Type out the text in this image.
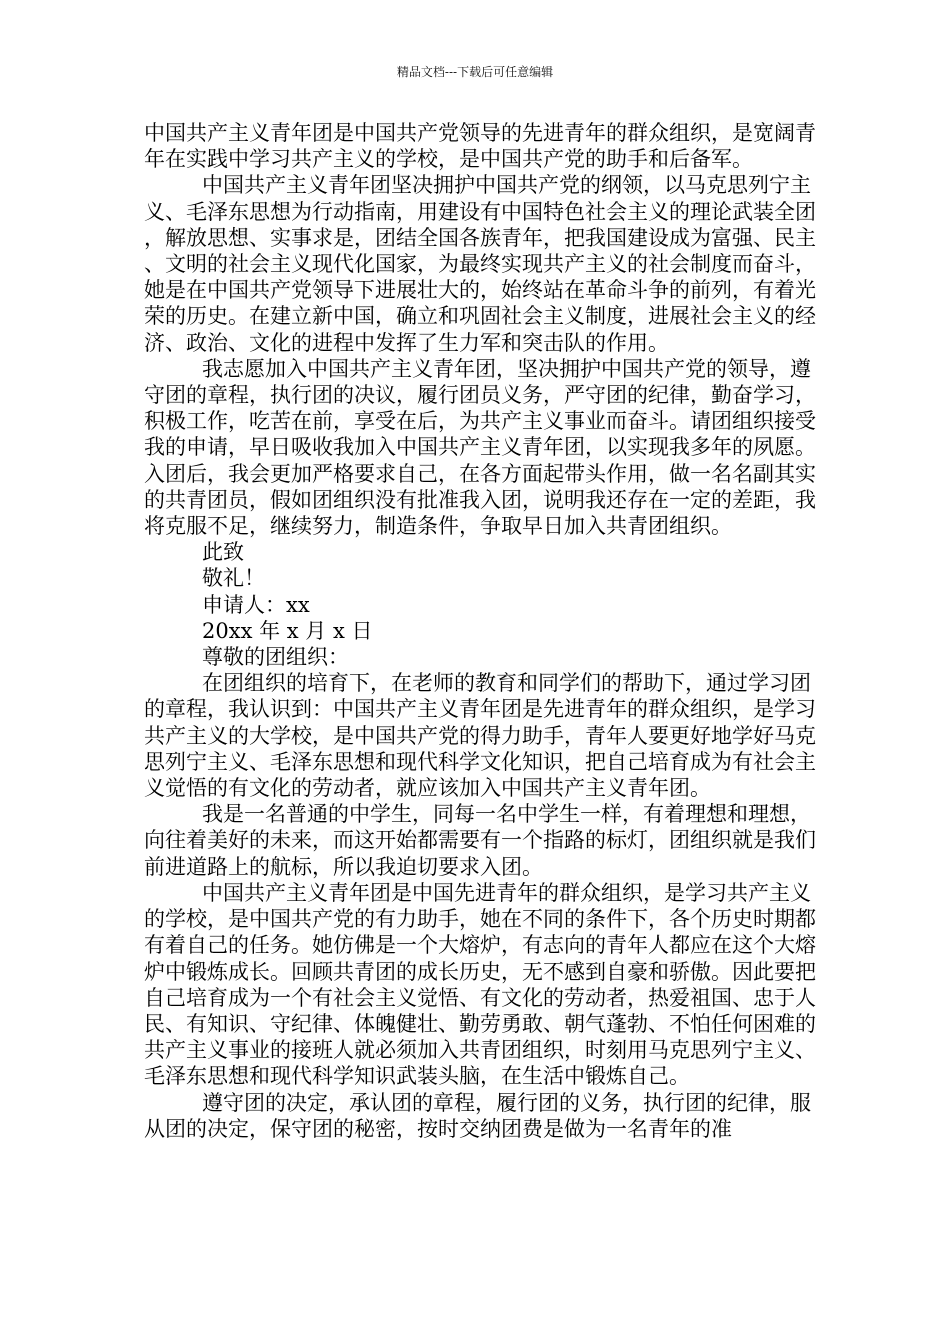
精品文档---下载后可任意编辑

中国共产主义青年团是中国共产党领导的先进青年的群众组织，是宽阔青年在实践中学习共产主义的学校，是中国共产党的助手和后备军。

中国共产主义青年团坚决拥护中国共产党的纲领，以马克思列宁主义、毛泽东思想为行动指南，用建设有中国特色社会主义的理论武装全团，解放思想、实事求是，团结全国各族青年，把我国建设成为富强、民主、文明的社会主义现代化国家，为最终实现共产主义的社会制度而奋斗，她是在中国共产党领导下进展壮大的，始终站在革命斗争的前列，有着光荣的历史。在建立新中国，确立和巩固社会主义制度，进展社会主义的经济、政治、文化的进程中发挥了生力军和突击队的作用。

我志愿加入中国共产主义青年团，坚决拥护中国共产党的领导，遵守团的章程，执行团的决议，履行团员义务，严守团的纪律，勤奋学习，积极工作，吃苦在前，享受在后，为共产主义事业而奋斗。请团组织接受我的申请，早日吸收我加入中国共产主义青年团，以实现我多年的夙愿。入团后，我会更加严格要求自己，在各方面起带头作用，做一名名副其实的共青团员，假如团组织没有批准我入团，说明我还存在一定的差距，我将克服不足，继续努力，制造条件，争取早日加入共青团组织。

此致

敬礼！

申请人：xx

20xx 年 x 月 x 日

尊敬的团组织：

在团组织的培育下，在老师的教育和同学们的帮助下，通过学习团的章程，我认识到：中国共产主义青年团是先进青年的群众组织，是学习共产主义的大学校，是中国共产党的得力助手，青年人要更好地学好马克思列宁主义、毛泽东思想和现代科学文化知识，把自己培育成为有社会主义觉悟的有文化的劳动者，就应该加入中国共产主义青年团。

我是一名普通的中学生，同每一名中学生一样，有着理想和理想，向往着美好的未来，而这开始都需要有一个指路的标灯，团组织就是我们前进道路上的航标，所以我迫切要求入团。

中国共产主义青年团是中国先进青年的群众组织，是学习共产主义的学校，是中国共产党的有力助手，她在不同的条件下，各个历史时期都有着自己的任务。她仿佛是一个大熔炉，有志向的青年人都应在这个大熔炉中锻炼成长。回顾共青团的成长历史，无不感到自豪和骄傲。因此要把自己培育成为一个有社会主义觉悟、有文化的劳动者，热爱祖国、忠于人民、有知识、守纪律、体魄健壮、勤劳勇敢、朝气蓬勃、不怕任何困难的共产主义事业的接班人就必须加入共青团组织，时刻用马克思列宁主义、毛泽东思想和现代科学知识武装头脑，在生活中锻炼自己。

遵守团的决定，承认团的章程，履行团的义务，执行团的纪律，服从团的决定，保守团的秘密，按时交纳团费是做为一名青年的准
